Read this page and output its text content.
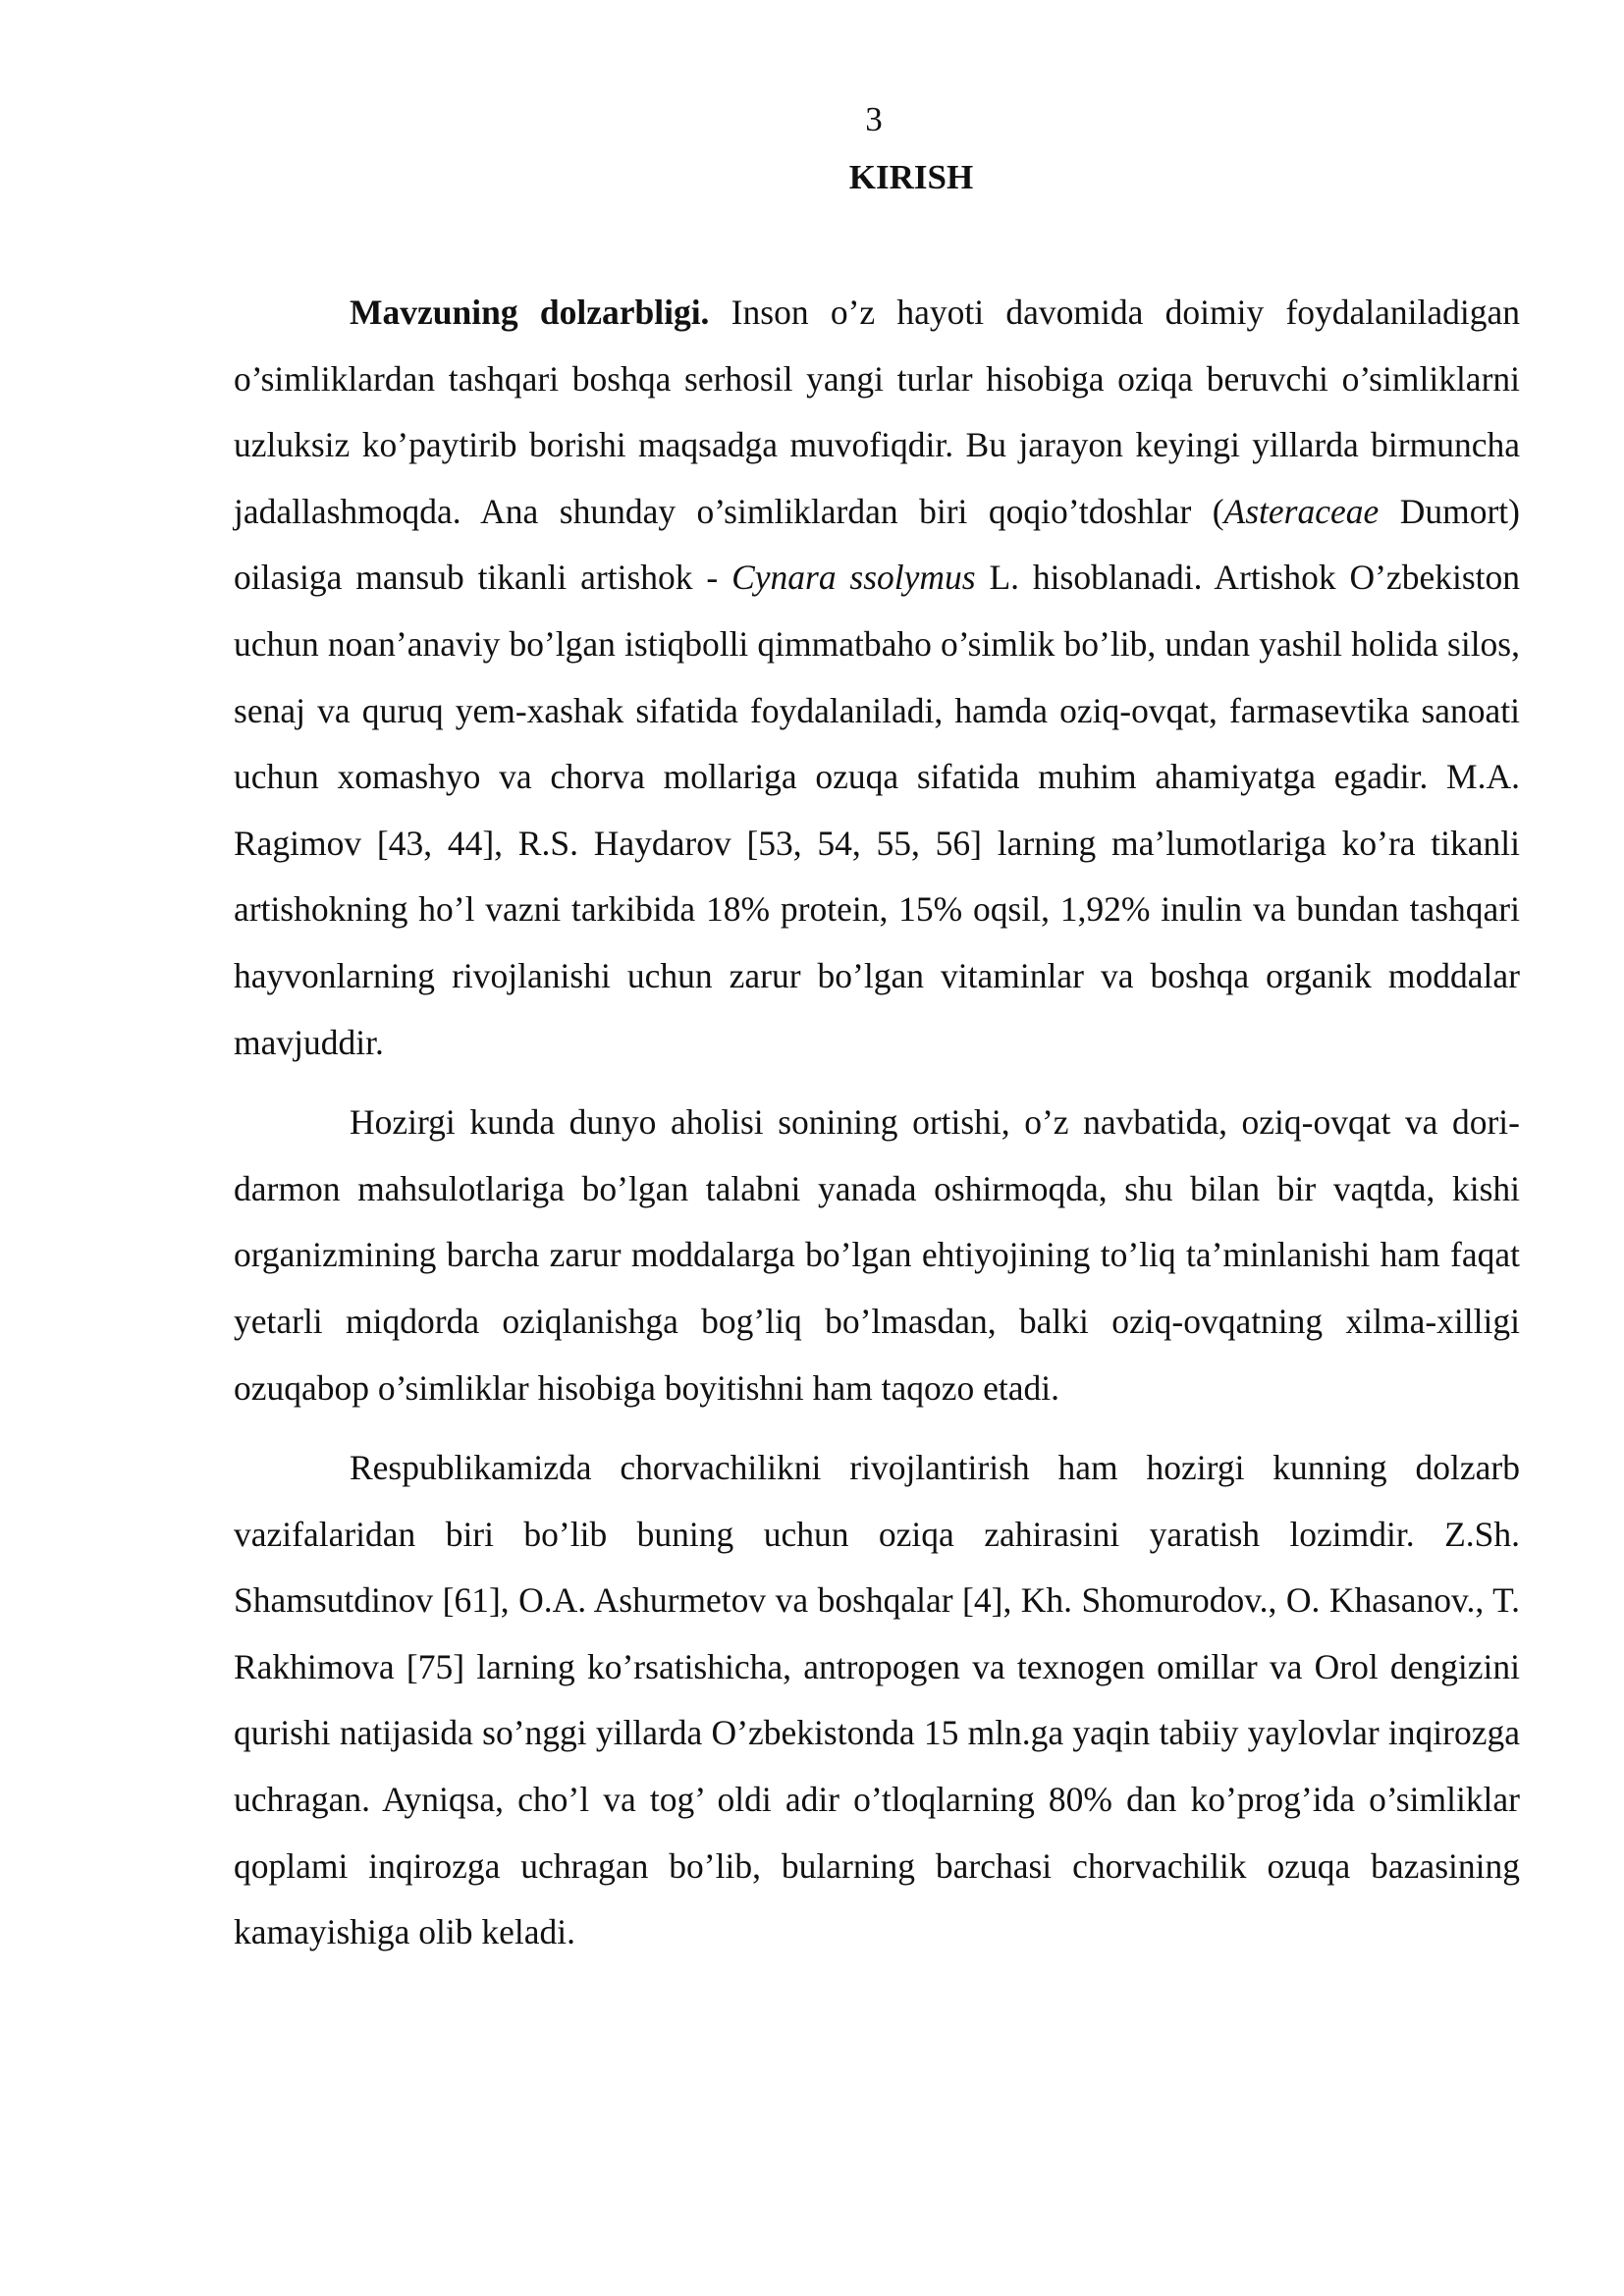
3
KIRISH

Mavzuning dolzarbligi. Inson o’z hayoti davomida doimiy foydalaniladigan o’simliklardan tashqari boshqa serhosil yangi turlar hisobiga oziqa beruvchi o’simliklarni uzluksiz ko’paytirib borishi maqsadga muvofiqdir. Bu jarayon keyingi yillarda birmuncha jadallashmoqda. Ana shunday o’simliklardan biri qoqio’tdoshlar (Asteraceae Dumort) oilasiga mansub tikanli artishok - Cynara ssolymus L. hisoblanadi. Artishok O’zbekiston uchun noan’anaviy bo’lgan istiqbolli qimmatbaho o’simlik bo’lib, undan yashil holida silos, senaj va quruq yem-xashak sifatida foydalaniladi, hamda oziq-ovqat, farmasevtika sanoati uchun xomashyo va chorva mollariga ozuqa sifatida muhim ahamiyatga egadir. M.A. Ragimov [43, 44], R.S. Haydarov [53, 54, 55, 56] larning ma’lumotlariga ko’ra tikanli artishokning ho’l vazni tarkibida 18% protein, 15% oqsil, 1,92% inulin va bundan tashqari hayvonlarning rivojlanishi uchun zarur bo’lgan vitaminlar va boshqa organik moddalar mavjuddir.

Hozirgi kunda dunyo aholisi sonining ortishi, o’z navbatida, oziq-ovqat va dori-darmon mahsulotlariga bo’lgan talabni yanada oshirmoqda, shu bilan bir vaqtda, kishi organizmining barcha zarur moddalarga bo’lgan ehtiyojining to’liq ta’minlanishi ham faqat yetarli miqdorda oziqlanishga bog’liq bo’lmasdan, balki oziq-ovqatning xilma-xilligi ozuqabop o’simliklar hisobiga boyitishni ham taqozo etadi.

Respublikamizda chorvachilikni rivojlantirish ham hozirgi kunning dolzarb vazifalaridan biri bo’lib buning uchun oziqa zahirasini yaratish lozimdir. Z.Sh. Shamsutdinov [61], O.A. Ashurmetov va boshqalar [4], Kh. Shomurodov., O. Khasanov., T. Rakhimova [75] larning ko’rsatishicha, antropogen va texnogen omillar va Orol dengizini qurishi natijasida so’nggi yillarda O’zbekistonda 15 mln.ga yaqin tabiiy yaylovlar inqirozga uchragan. Ayniqsa, cho’l va tog’ oldi adir o’tloqlarning 80% dan ko’prog’ida o’simliklar qoplami inqirozga uchragan bo’lib, bularning barchasi chorvachilik ozuqa bazasining kamayishiga olib keladi.
